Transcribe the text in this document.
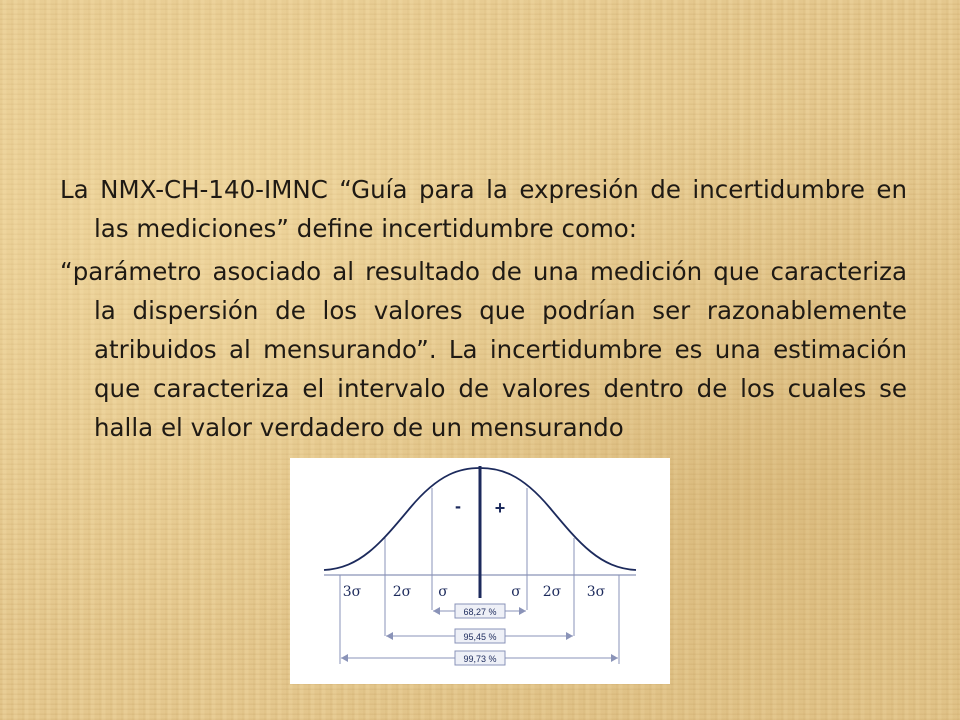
La NMX-CH-140-IMNC “Guía para la expresión de incertidumbre en las mediciones” define incertidumbre como:

“parámetro asociado al resultado de una medición que caracteriza la dispersión de los valores que podrían ser razonablemente atribuidos al mensurando”. La incertidumbre es una estimación que caracteriza el intervalo de valores dentro de los cuales se halla el valor verdadero de un mensurando

- +
3σ 2σ σ	σ 2σ 3σ
68,27 %
95,45 %
99,73 %
